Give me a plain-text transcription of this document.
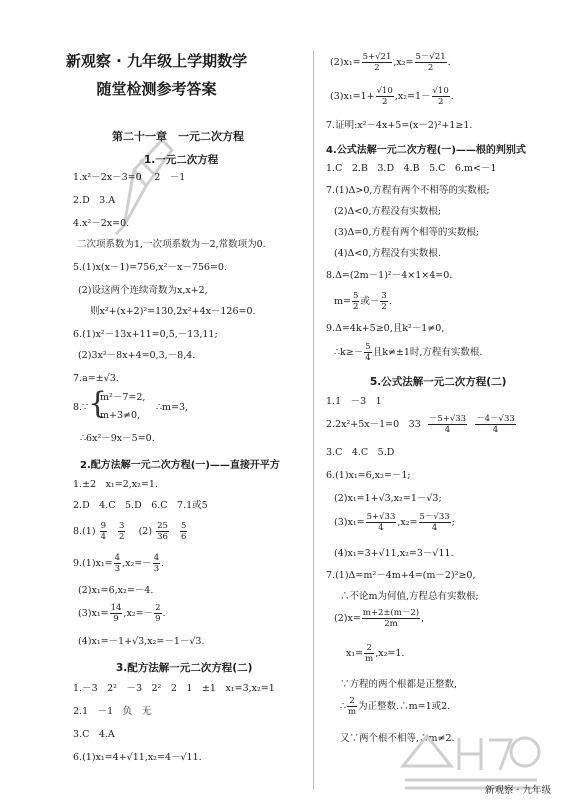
新观察 · 九年级上学期数学
随堂检测参考答案
第二十一章　一元二次方程
1.一元二次方程
1.x²－2x－3=0　 2　－1
2.D　3.A
4.x²－2x=0.
二次项系数为1,一次项系数为－2,常数项为0.
5.(1)x(x－1)=756,x²－x－756=0.
(2)设这两个连续奇数为x,x+2,
则x²+(x+2)²=130,2x²+4x－126=0.
6.(1)x²－13x+11=0,5,－13,11;
(2)3x²－8x+4=0,3,－8,4.
7.a=±√3.
8.∵ {
m²－7=2,
m+3≠0,
∴m=3,
∴6x²－9x－5=0.
2.配方法解一元二次方程(一)——直接开平方
1.±2　x₁=2,x₂=1.
2.D　4.C　5.D　6.C　7.1或5
$8.(1) \frac{9}{4}$
$\frac{3}{2} (2) \frac{25}{36}$
$\frac{5}{6}$
$9.(1)x_1= \frac{4}{3} ,x_2=- \frac{4}{3}$ .
(2)x₁=6,x₂=－4.
$(3)x_1= \frac{14}{9} ,x_2=- \frac{2}{9}$ .
(4)x₁=－1+√3,x₂=－1－√3.
3.配方法解一元二次方程(二)
1.－3　2²　－3　2²　2　1　±1　x₁=3,x₂=1
2.1　－1　负　无
3.C　4.A
6.(1)x₁=4+√11,x₂=4－√11.
$(2)x_1= \frac{5+√21}{2} ,x_2= \frac{5-√21}{2}$ .
$(3)x_1=1+ \frac{√10}{2} ,x_2=1- \frac{√10}{2}$ .
7.证明:x²－4x+5=(x－2)²+1≥1.
4.公式法解一元二次方程(一)——根的判别式
1.C　2.B　3.D　4.B　5.C　6.m<－1
7.(1)Δ>0,方程有两个不相等的实数根;
(2)Δ<0,方程没有实数根;
(3)Δ=0,方程有两个相等的实数根;
(4)Δ<0,方程没有实数根.
8.Δ=(2m－1)²－4×1×4=0.
$m= \frac{5}{2}$ 或－ $\frac{3}{2}$ .
9.Δ=4k+5≥0,且k²－1≠0,
∴k≥－ $\frac{5}{4}$ 且k≠±1时,方程有实数根.
5.公式法解一元二次方程(二)
1.1　－3　1
2.2x²+5x－1=0　$33 \frac{-5+√33}{4}$
$\frac{-4-√33}{4}$
3.C　4.C　5.D
6.(1)x₁=6,x₂=－1;
(2)x₁=1+√3,x₂=1－√3;
$(3)x_1= \frac{5+√33}{4} ,x_2= \frac{5-√33}{4}$ ;
(4)x₁=3+√11,x₂=3－√11.
7.(1)Δ=m²－4m+4=(m－2)²≥0,
∴不论m为何值,方程总有实数根;
$(2)x= \frac{m+2\pm(m-2)}{2m}$ ,
$x_1= \frac{2}{m} ,x_2=1$.
∵方程的两个根都是正整数,
∴ $\frac{2}{m}$ 为正整数.∴m=1或2.
又∵两个根不相等,∴m≠2.
新观察 · 九年级
